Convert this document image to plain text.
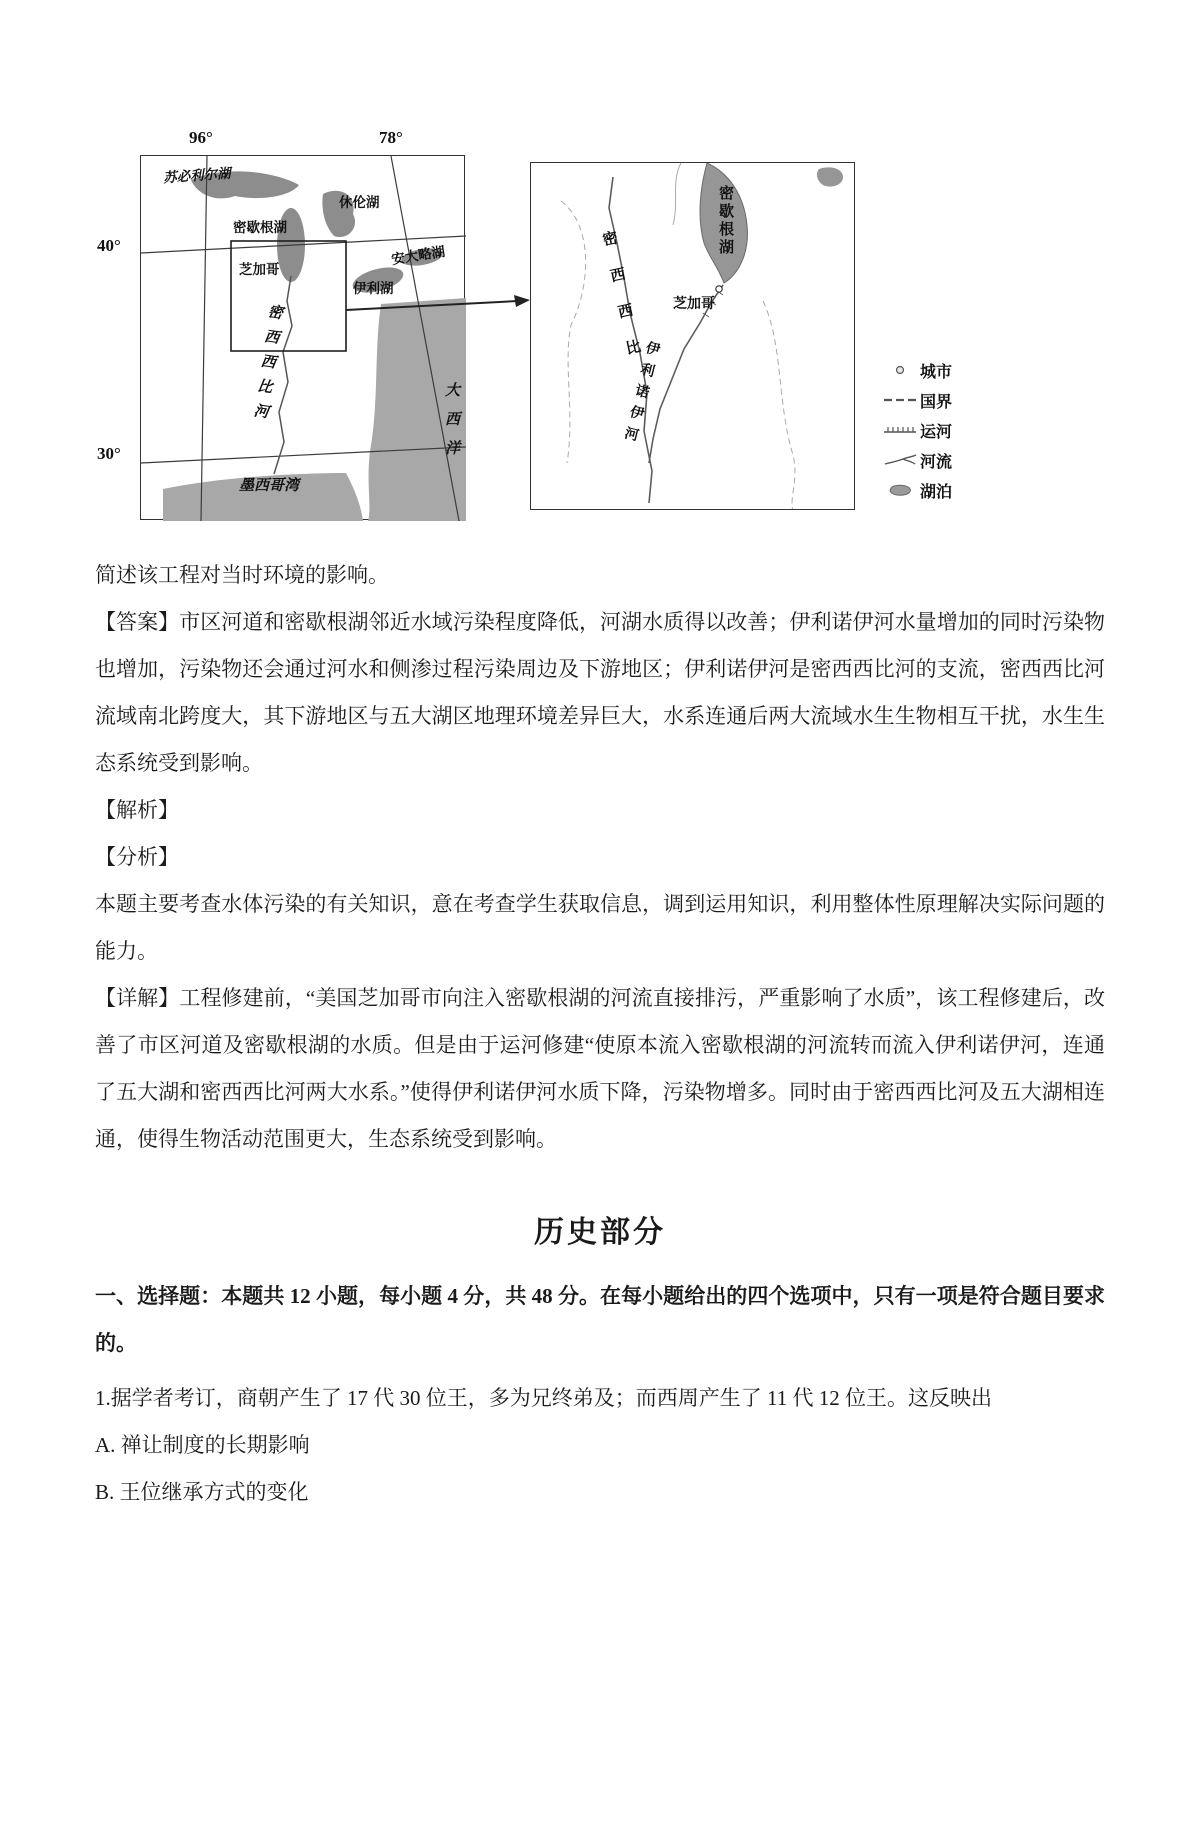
96°	78°
40°
30°
苏必利尔湖
休伦湖
密歇根湖
安大略湖
芝加哥
伊利湖
密西西比河	大西洋
墨西哥湾
密歇根湖
密西西比 芝加哥
伊利诺伊河	城市
国界
运河
河流
湖泊

简述该工程对当时环境的影响。

【答案】市区河道和密歇根湖邻近水域污染程度降低，河湖水质得以改善；伊利诺伊河水量增加的同时污染物也增加，污染物还会通过河水和侧渗过程污染周边及下游地区；伊利诺伊河是密西西比河的支流，密西西比河流域南北跨度大，其下游地区与五大湖区地理环境差异巨大，水系连通后两大流域水生生物相互干扰，水生生态系统受到影响。

【解析】

【分析】

本题主要考查水体污染的有关知识，意在考查学生获取信息，调到运用知识，利用整体性原理解决实际问题的能力。

【详解】工程修建前，“美国芝加哥市向注入密歇根湖的河流直接排污，严重影响了水质”，该工程修建后，改善了市区河道及密歇根湖的水质。但是由于运河修建“使原本流入密歇根湖的河流转而流入伊利诺伊河，连通了五大湖和密西西比河两大水系。”使得伊利诺伊河水质下降，污染物增多。同时由于密西西比河及五大湖相连通，使得生物活动范围更大，生态系统受到影响。

历史部分

一、选择题：本题共 12 小题，每小题 4 分，共 48 分。在每小题给出的四个选项中，只有一项是符合题目要求的。

1.据学者考订，商朝产生了 17 代 30 位王，多为兄终弟及；而西周产生了 11 代 12 位王。这反映出

A. 禅让制度的长期影响

B. 王位继承方式的变化
